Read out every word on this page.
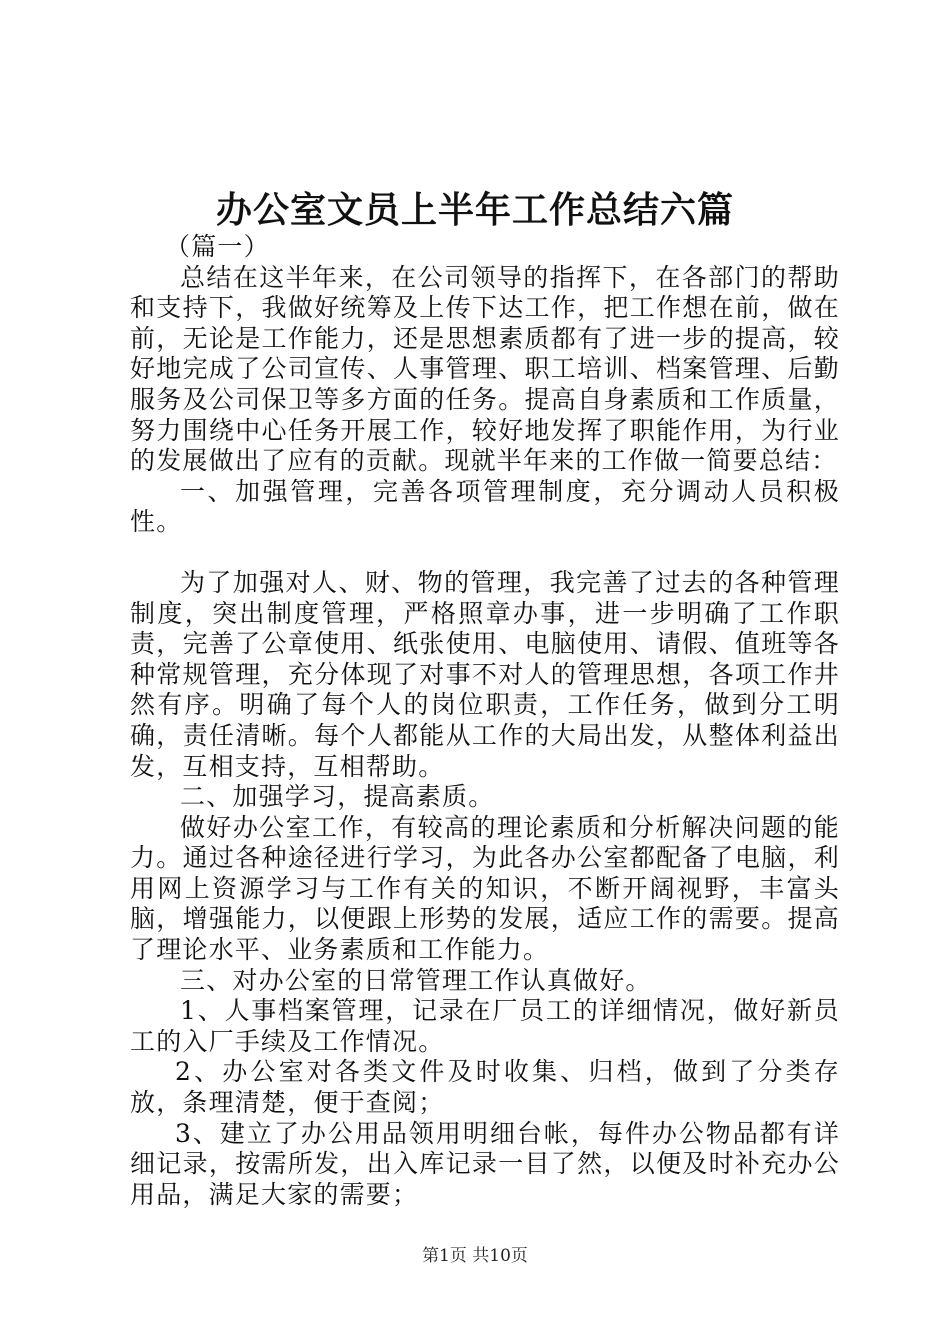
办公室文员上半年工作总结六篇

（篇一）

总结在这半年来，在公司领导的指挥下，在各部门的帮助和支持下，我做好统筹及上传下达工作，把工作想在前，做在前，无论是工作能力，还是思想素质都有了进一步的提高，较好地完成了公司宣传、人事管理、职工培训、档案管理、后勤服务及公司保卫等多方面的任务。提高自身素质和工作质量，努力围绕中心任务开展工作，较好地发挥了职能作用，为行业的发展做出了应有的贡献。现就半年来的工作做一简要总结：

一、加强管理，完善各项管理制度，充分调动人员积极性。

为了加强对人、财、物的管理，我完善了过去的各种管理制度，突出制度管理，严格照章办事，进一步明确了工作职责，完善了公章使用、纸张使用、电脑使用、请假、值班等各种常规管理，充分体现了对事不对人的管理思想，各项工作井然有序。明确了每个人的岗位职责，工作任务，做到分工明确，责任清晰。每个人都能从工作的大局出发，从整体利益出发，互相支持，互相帮助。

二、加强学习，提高素质。

做好办公室工作，有较高的理论素质和分析解决问题的能力。通过各种途径进行学习，为此各办公室都配备了电脑，利用网上资源学习与工作有关的知识，不断开阔视野，丰富头脑，增强能力，以便跟上形势的发展，适应工作的需要。提高了理论水平、业务素质和工作能力。

三、对办公室的日常管理工作认真做好。

1、人事档案管理，记录在厂员工的详细情况，做好新员工的入厂手续及工作情况。

2、办公室对各类文件及时收集、归档，做到了分类存放，条理清楚，便于查阅；

3、建立了办公用品领用明细台帐，每件办公物品都有详细记录，按需所发，出入库记录一目了然，以便及时补充办公用品，满足大家的需要；

第1页 共10页
